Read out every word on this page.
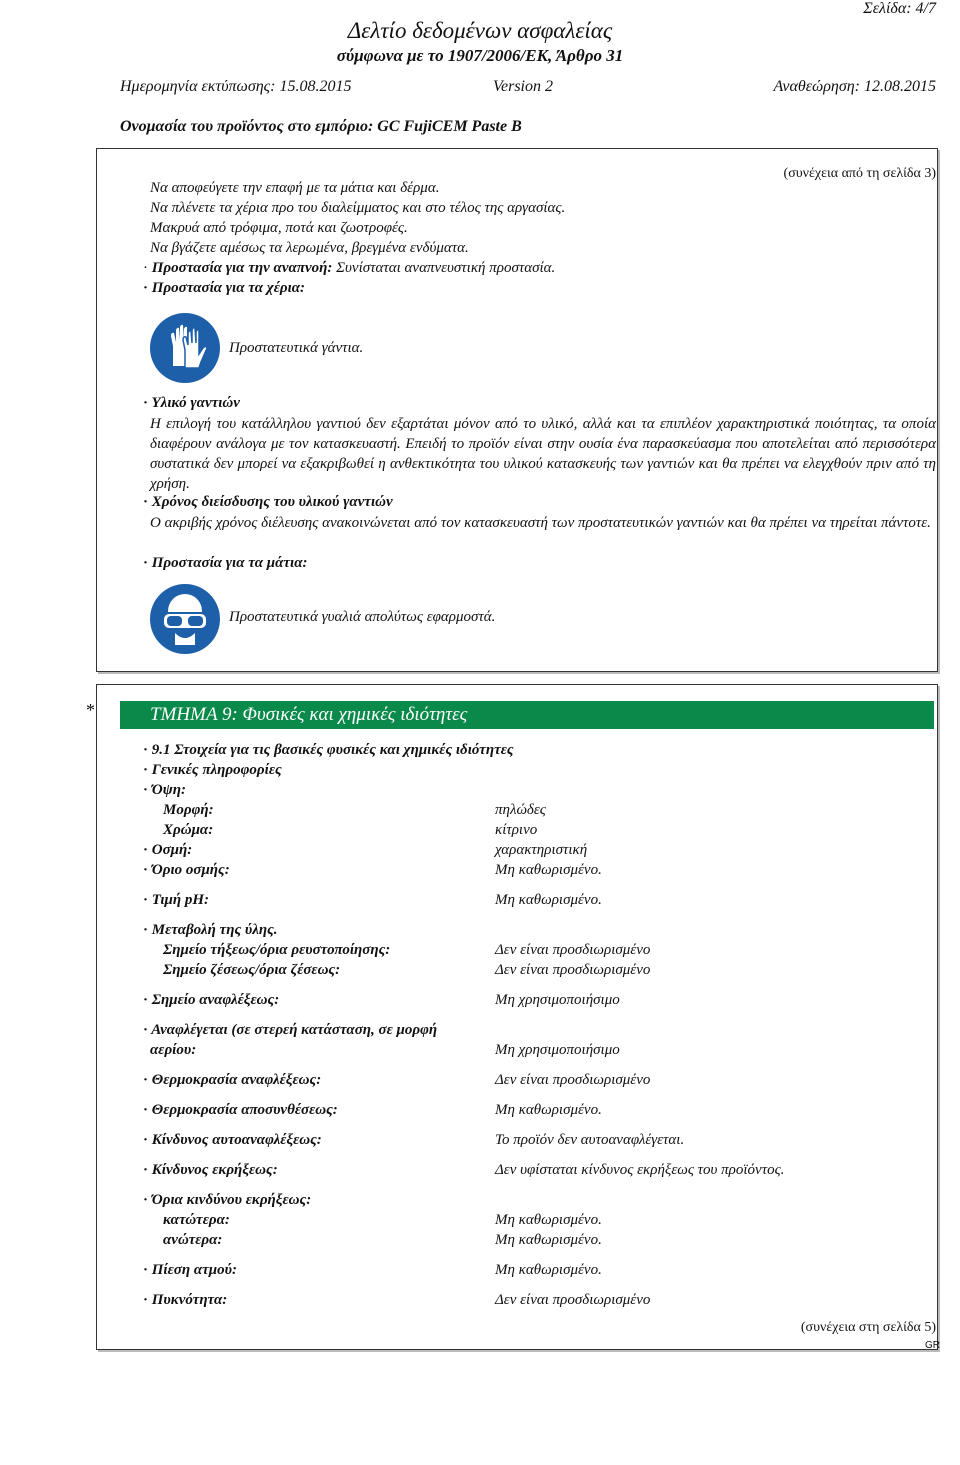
Σελίδα: 4/7
Δελτίο δεδομένων ασφαλείας
σύμφωνα με το 1907/2006/ΕΚ, Άρθρο 31
Ημερομηνία εκτύπωσης: 15.08.2015	Version 2	Αναθεώρηση: 12.08.2015
Ονομασία του προϊόντος στο εμπόριο: GC FujiCEM Paste B
(συνέχεια από τη σελίδα 3)
Να αποφεύγετε την επαφή με τα μάτια και δέρμα.
Να πλένετε τα χέρια προ του διαλείμματος και στο τέλος της αργασίας.
Μακρυά από τρόφιμα, ποτά και ζωοτροφές.
Να βγάζετε αμέσως τα λερωμένα, βρεγμένα ενδύματα.
· Προστασία για την αναπνοή: Συνίσταται αναπνευστική προστασία.
· Προστασία για τα χέρια:
Προστατευτικά γάντια.
· Υλικό γαντιών
Η επιλογή του κατάλληλου γαντιού δεν εξαρτάται μόνον από το υλικό, αλλά και τα επιπλέον χαρακτηριστικά ποιότητας, τα οποία διαφέρουν ανάλογα με τον κατασκευαστή. Επειδή το προϊόν είναι στην ουσία ένα παρασκεύασμα που αποτελείται από περισσότερα συστατικά δεν μπορεί να εξακριβωθεί η ανθεκτικότητα του υλικού κατασκευής των γαντιών και θα πρέπει να ελεγχθούν πριν από τη χρήση.
· Χρόνος διείσδυσης του υλικού γαντιών
Ο ακριβής χρόνος διέλευσης ανακοινώνεται από τον κατασκευαστή των προστατευτικών γαντιών και θα πρέπει να τηρείται πάντοτε.
· Προστασία για τα μάτια:
Προστατευτικά γυαλιά απολύτως εφαρμοστά.
*	ΤΜΗΜΑ 9: Φυσικές και χημικές ιδιότητες
· 9.1 Στοιχεία για τις βασικές φυσικές και χημικές ιδιότητες
· Γενικές πληροφορίες
· Όψη:
Μορφή:	πηλώδες
Χρώμα:	κίτρινο
· Οσμή:	χαρακτηριστική
· Όριο οσμής:	Μη καθωρισμένο.
· Τιμή pH:	Μη καθωρισμένο.
· Μεταβολή της ύλης.
Σημείο τήξεως/όρια ρευστοποίησης:	Δεν είναι προσδιωρισμένο
Σημείο ζέσεως/όρια ζέσεως:	Δεν είναι προσδιωρισμένο
· Σημείο αναφλέξεως:	Μη χρησιμοποιήσιμο
· Αναφλέγεται (σε στερεή κατάσταση, σε μορφή
αερίου:	Μη χρησιμοποιήσιμο
· Θερμοκρασία αναφλέξεως:	Δεν είναι προσδιωρισμένο
· Θερμοκρασία αποσυνθέσεως:	Μη καθωρισμένο.
· Κίνδυνος αυτοαναφλέξεως:	Το προϊόν δεν αυτοαναφλέγεται.
· Κίνδυνος εκρήξεως:	Δεν υφίσταται κίνδυνος εκρήξεως του προϊόντος.
· Όρια κινδύνου εκρήξεως:
κατώτερα:	Μη καθωρισμένο.
ανώτερα:	Μη καθωρισμένο.
· Πίεση ατμού:	Μη καθωρισμένο.
· Πυκνότητα:	Δεν είναι προσδιωρισμένο
(συνέχεια στη σελίδα 5)
GR
